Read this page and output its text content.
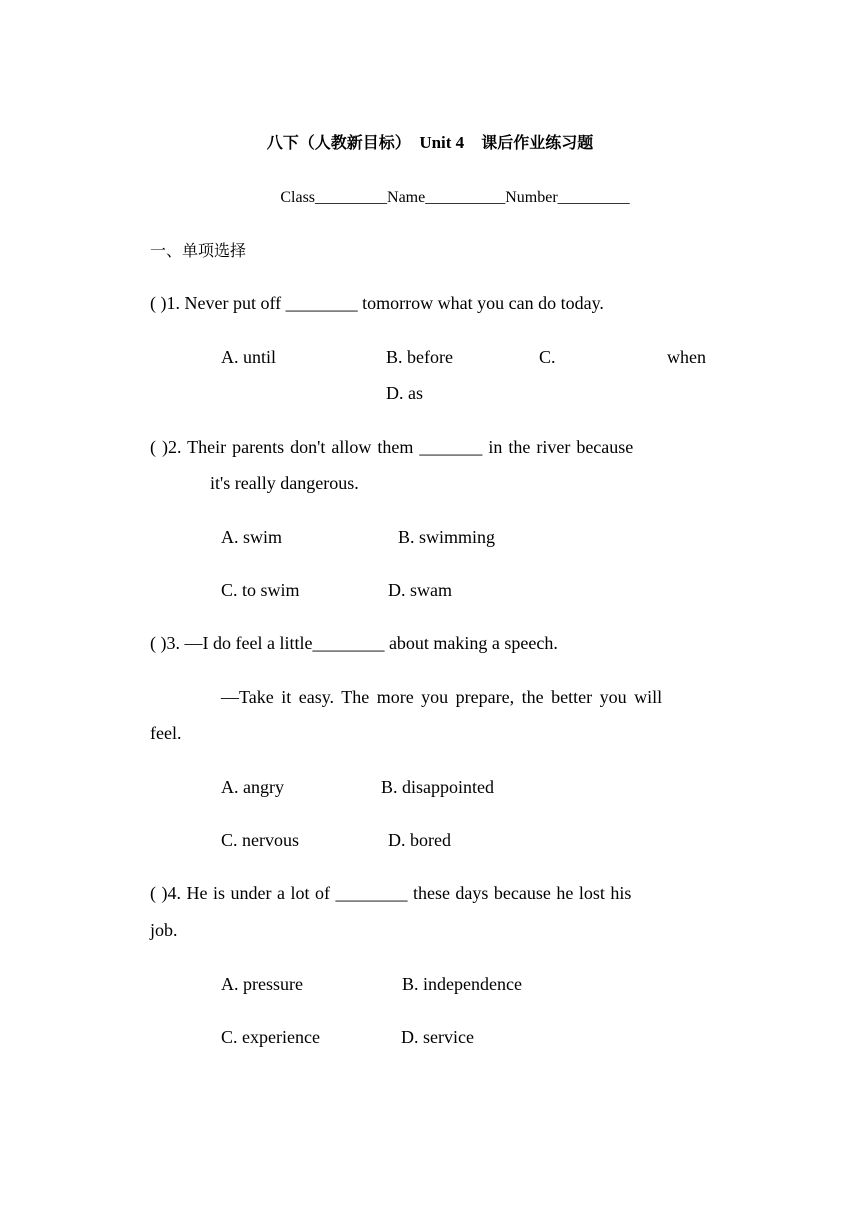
八下（人教新目标） Unit 4 课后作业练习题
Class_________Name__________Number_________
一、单项选择
( )1. Never put off ________ tomorrow what you can do today.
A. until	B. before	C.	when
D. as
( )2. Their parents don't allow them _______ in the river because
it's really dangerous.
A. swim	B. swimming
C. to swim	D. swam
( )3. —I do feel a little________ about making a speech.
—Take it easy. The more you prepare, the better you will
feel.
A. angry	B. disappointed
C. nervous	D. bored
( )4. He is under a lot of ________ these days because he lost his
job.
A. pressure	B. independence
C. experience	D. service
